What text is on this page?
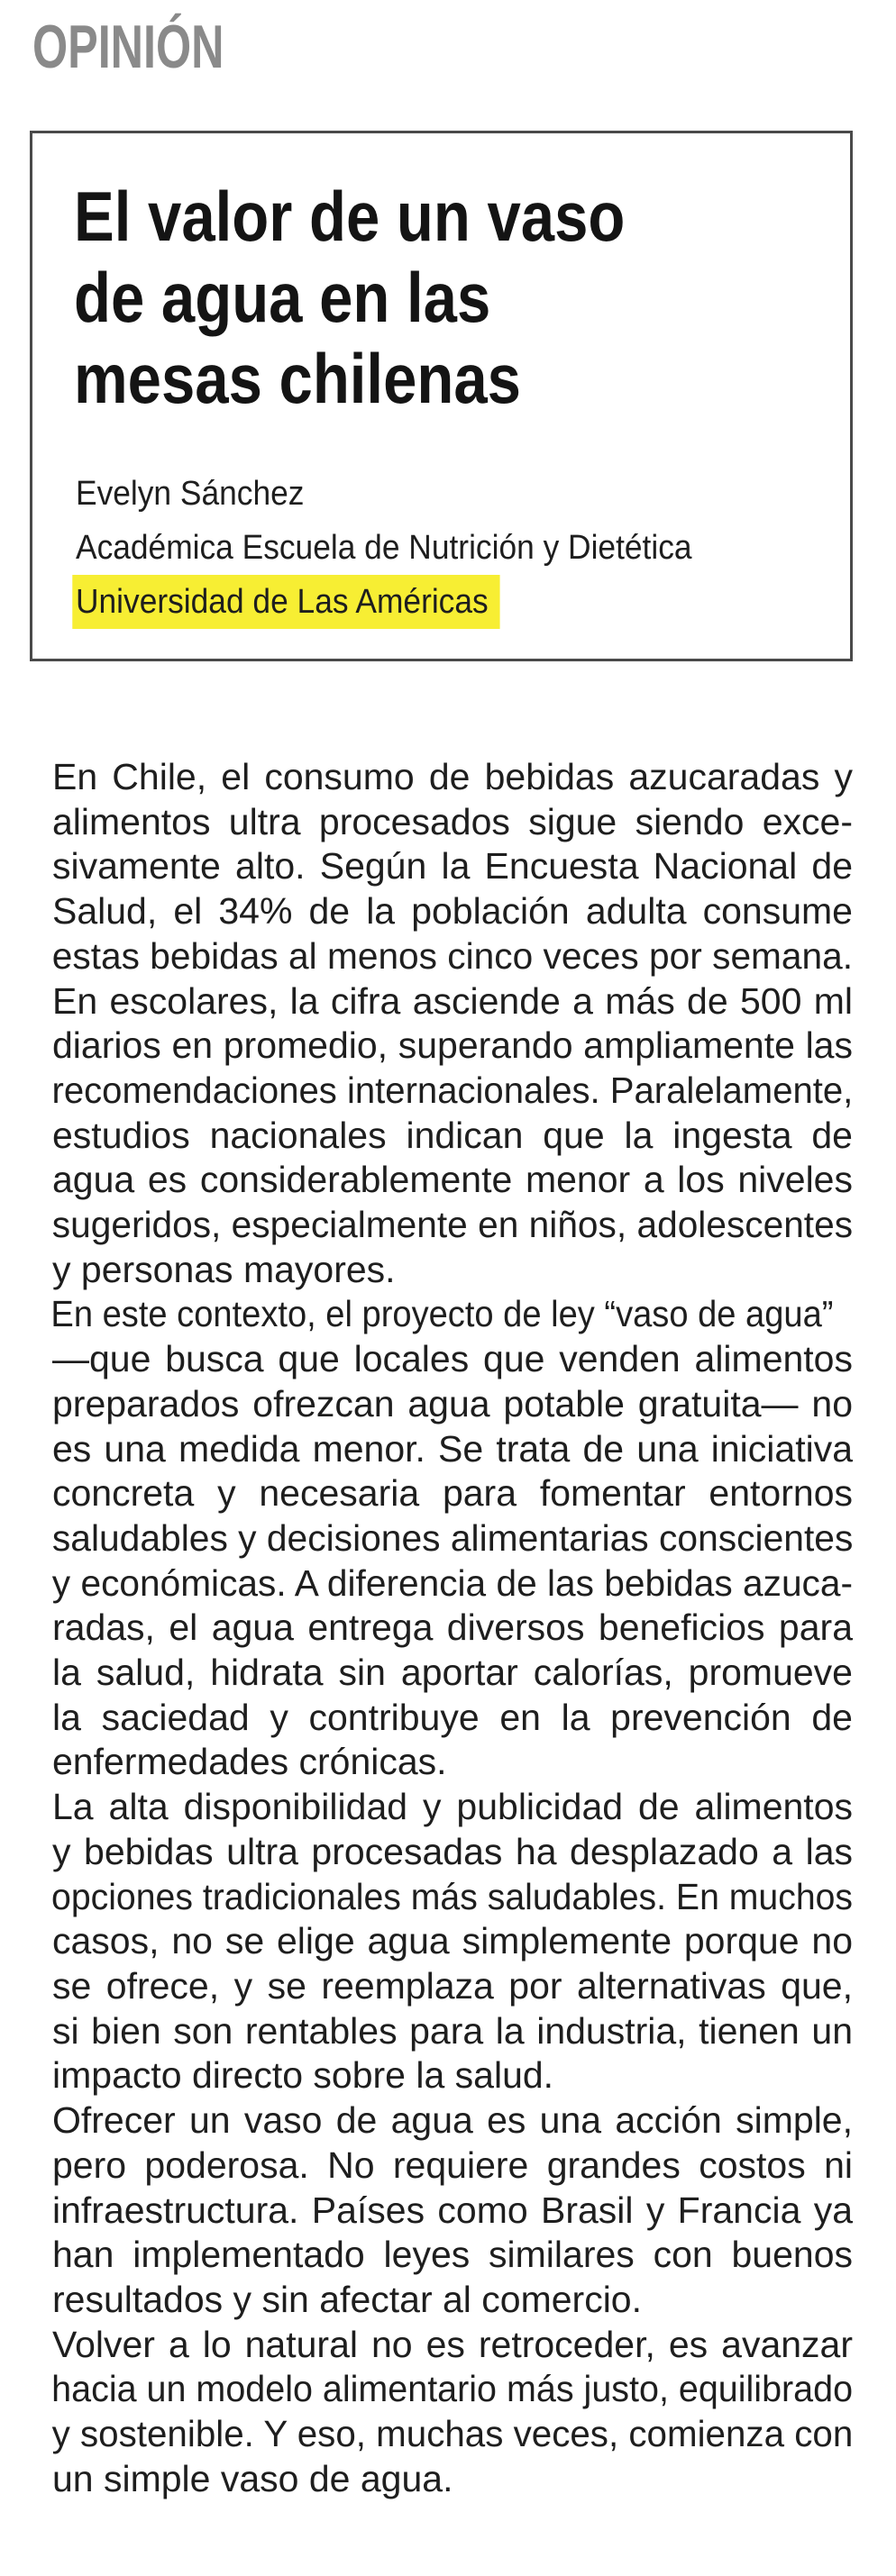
OPINIÓN
El valor de un vaso
de agua en las
mesas chilenas
Evelyn Sánchez
Académica Escuela de Nutrición y Dietética
Universidad de Las Américas

En Chile, el consumo de bebidas azucaradas y
alimentos ultra procesados sigue siendo exce-
sivamente alto. Según la Encuesta Nacional de
Salud, el 34% de la población adulta consume
estas bebidas al menos cinco veces por semana.
En escolares, la cifra asciende a más de 500 ml
diarios en promedio, superando ampliamente las
recomendaciones internacionales. Paralelamente,
estudios nacionales indican que la ingesta de
agua es considerablemente menor a los niveles
sugeridos, especialmente en niños, adolescentes
y personas mayores.

En este contexto, el proyecto de ley “vaso de agua”
—que busca que locales que venden alimentos
preparados ofrezcan agua potable gratuita— no
es una medida menor. Se trata de una iniciativa
concreta y necesaria para fomentar entornos
saludables y decisiones alimentarias conscientes
y económicas. A diferencia de las bebidas azuca-
radas, el agua entrega diversos beneficios para
la salud, hidrata sin aportar calorías, promueve
la saciedad y contribuye en la prevención de
enfermedades crónicas.

La alta disponibilidad y publicidad de alimentos
y bebidas ultra procesadas ha desplazado a las
opciones tradicionales más saludables. En muchos
casos, no se elige agua simplemente porque no
se ofrece, y se reemplaza por alternativas que,
si bien son rentables para la industria, tienen un
impacto directo sobre la salud.

Ofrecer un vaso de agua es una acción simple,
pero poderosa. No requiere grandes costos ni
infraestructura. Países como Brasil y Francia ya
han implementado leyes similares con buenos
resultados y sin afectar al comercio.

Volver a lo natural no es retroceder, es avanzar
hacia un modelo alimentario más justo, equilibrado
y sostenible. Y eso, muchas veces, comienza con
un simple vaso de agua.
